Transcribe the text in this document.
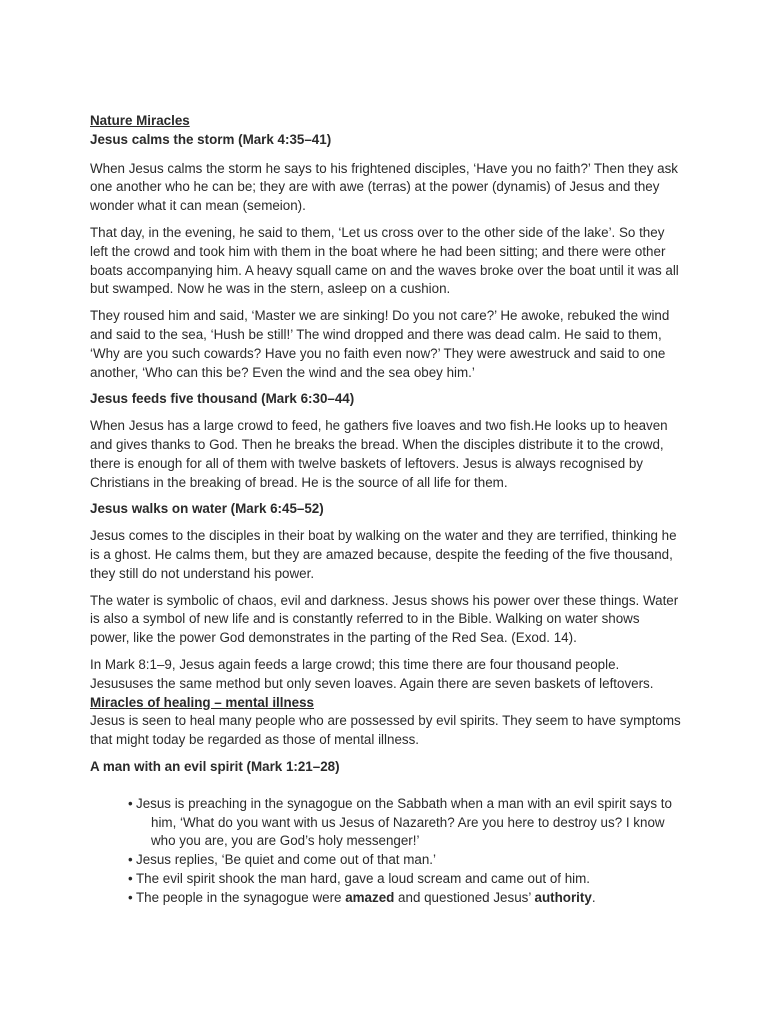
Nature Miracles

Jesus calms the storm (Mark 4:35–41)

When Jesus calms the storm he says to his frightened disciples, ‘Have you no faith?’ Then they ask one another who he can be; they are with awe (terras) at the power (dynamis) of Jesus and they wonder what it can mean (semeion).

That day, in the evening, he said to them, ‘Let us cross over to the other side of the lake’. So they left the crowd and took him with them in the boat where he had been sitting; and there were other boats accompanying him. A heavy squall came on and the waves broke over the boat until it was all but swamped. Now he was in the stern, asleep on a cushion.

They roused him and said, ‘Master we are sinking! Do you not care?’ He awoke, rebuked the wind and said to the sea, ‘Hush be still!’ The wind dropped and there was dead calm. He said to them, ‘Why are you such cowards? Have you no faith even now?’ They were awestruck and said to one another, ‘Who can this be? Even the wind and the sea obey him.’

Jesus feeds five thousand (Mark 6:30–44)

When Jesus has a large crowd to feed, he gathers five loaves and two fish.He looks up to heaven and gives thanks to God. Then he breaks the bread. When the disciples distribute it to the crowd, there is enough for all of them with twelve baskets of leftovers. Jesus is always recognised by Christians in the breaking of bread. He is the source of all life for them.

Jesus walks on water (Mark 6:45–52)

Jesus comes to the disciples in their boat by walking on the water and they are terrified, thinking he is a ghost. He calms them, but they are amazed because, despite the feeding of the five thousand, they still do not understand his power.

The water is symbolic of chaos, evil and darkness. Jesus shows his power over these things. Water is also a symbol of new life and is constantly referred to in the Bible. Walking on water shows power, like the power God demonstrates in the parting of the Red Sea. (Exod. 14).

In Mark 8:1–9, Jesus again feeds a large crowd; this time there are four thousand people. Jesususes the same method but only seven loaves. Again there are seven baskets of leftovers.

Miracles of healing – mental illness

Jesus is seen to heal many people who are possessed by evil spirits. They seem to have symptoms that might today be regarded as those of mental illness.

A man with an evil spirit (Mark 1:21–28)

• Jesus is preaching in the synagogue on the Sabbath when a man with an evil spirit says to
him, ‘What do you want with us Jesus of Nazareth? Are you here to destroy us? I know
who you are, you are God’s holy messenger!’
• Jesus replies, ‘Be quiet and come out of that man.’
• The evil spirit shook the man hard, gave a loud scream and came out of him.
• The people in the synagogue were amazed and questioned Jesus’ authority.
